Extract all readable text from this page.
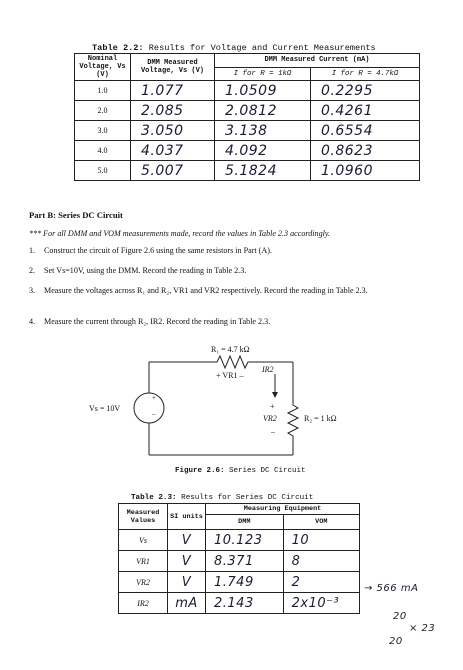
Table 2.2: Results for Voltage and Current Measurements
Nominal Voltage, Vs (V)	DMM Measured Voltage, Vs (V)	DMM Measured Current (mA)	
		I for R = 1kΩ	I for R = 4.7kΩ
1.0	1.077	1.0509	0.2295
2.0	2.085	2.0812	0.4261
3.0	3.050	3.138	0.6554
4.0	4.037	4.092	0.8623
5.0	5.007	5.1824	1.0960
Part B: Series DC Circuit
*** For all DMM and VOM measurements made, record the values in Table 2.3 accordingly.
1. Construct the circuit of Figure 2.6 using the same resistors in Part (A).
2. Set Vs=10V, using the DMM. Record the reading in Table 2.3.
3. Measure the voltages across R₁ and R₂, VR1 and VR2 respectively. Record the reading in Table 2.3.
4. Measure the current through R₂, IR2. Record the reading in Table 2.3.
R₁ = 4.7 kΩ
+ VR1 –
IR2
+
VR2
–
R₂ = 1 kΩ
Vs = 10V
+
–
Figure 2.6: Series DC Circuit
Table 2.3: Results for Series DC Circuit
Measured Values	SI units	Measuring Equipment	
		DMM	VOM
Vs	V	10.123	10
VR1	V	8.371	8
VR2	V	1.749	2
IR2	mA	2.143	2x10⁻³
→ 566 mA
20
× 23
20
